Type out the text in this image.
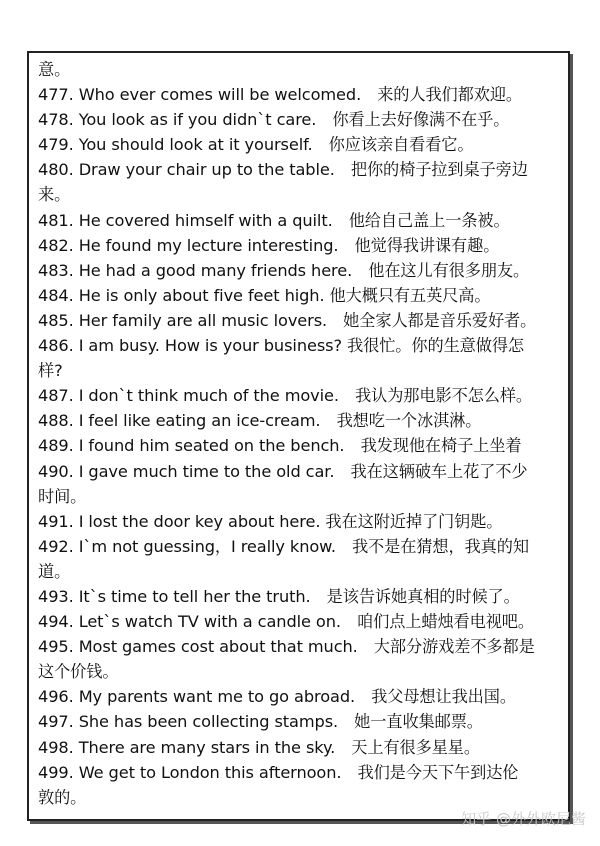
意。
477. Who ever comes will be welcomed.　来的人我们都欢迎。
478. You look as if you didn`t care.　你看上去好像满不在乎。
479. You should look at it yourself.　你应该亲自看看它。
480. Draw your chair up to the table.　把你的椅子拉到桌子旁边
来。
481. He covered himself with a quilt.　他给自己盖上一条被。
482. He found my lecture interesting.　他觉得我讲课有趣。
483. He had a good many friends here.　他在这儿有很多朋友。
484. He is only about five feet high. 他大概只有五英尺高。
485. Her family are all music lovers.　她全家人都是音乐爱好者。
486. I am busy. How is your business? 我很忙。你的生意做得怎
样?
487. I don`t think much of the movie.　我认为那电影不怎么样。
488. I feel like eating an ice-cream.　我想吃一个冰淇淋。
489. I found him seated on the bench.　我发现他在椅子上坐着
490. I gave much time to the old car.　我在这辆破车上花了不少
时间。
491. I lost the door key about here. 我在这附近掉了门钥匙。
492. I`m not guessing，I really know.　我不是在猜想，我真的知
道。
493. It`s time to tell her the truth.　是该告诉她真相的时候了。
494. Let`s watch TV with a candle on.　咱们点上蜡烛看电视吧。
495. Most games cost about that much.　大部分游戏差不多都是
这个价钱。
496. My parents want me to go abroad.　我父母想让我出国。
497. She has been collecting stamps.　她一直收集邮票。
498. There are many stars in the sky.　天上有很多星星。
499. We get to London this afternoon.　我们是今天下午到达伦
敦的。
知乎 @外外欧尼酱
